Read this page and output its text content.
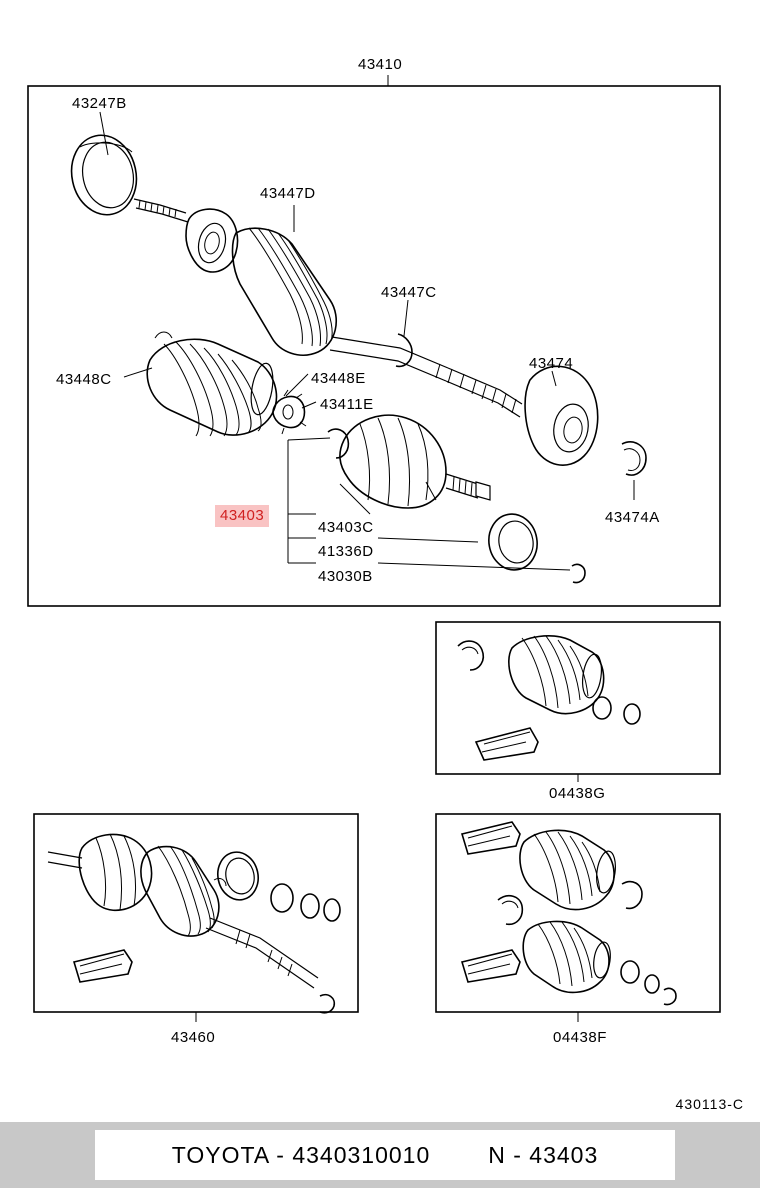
43410
43247B
43447D
43447C
43474
43448C	43448E
43411E
43474A
43403C
41336D
43030B
43403
04438G
43460	04438F
430113-C
TOYOTA - 4340310010	N - 43403
